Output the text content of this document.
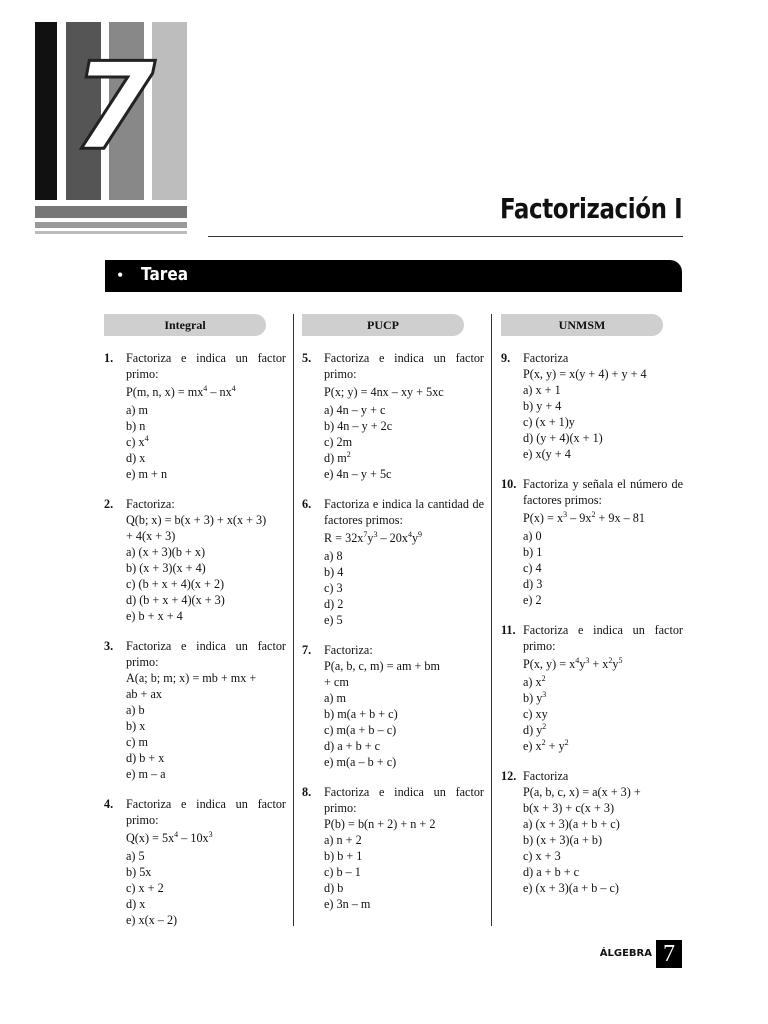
7
Factorización I
• Tarea
Integral
1.	Factoriza e indica un factor primo:
P(m, n, $x) = mx^4 - nx^4$
a) m
b) n
c) $x^4$
d) x
e) m + n
2.	Factoriza:
Q(b; x) = b(x + 3) + x(x + 3)
+ 4(x + 3)
a) (x + 3)(b + x)
b) (x + 3)(x + 4)
c) (b + x + 4)(x + 2)
d) (b + x + 4)(x + 3)
e) b + x + 4
3.	Factoriza e indica un factor primo:
A(a; b; m; x) = mb + mx +
ab + ax
a) b
b) x
c) m
d) b + x
e) m – a
4.	Factoriza e indica un factor primo:
$Q(x) = 5x^4 - 10x^3$
a) 5
b) 5x
c) x + 2
d) x
e) x(x – 2)
PUCP
5.	Factoriza e indica un factor primo:
P(x; y) = 4nx – xy + 5xc
a) 4n – y + c
b) 4n – y + 2c
c) 2m
d) $m^2$
e) 4n – y + 5c
6.	Factoriza e indica la cantidad de factores primos:
$R = 32x^7y^3 - 20x^4y^9$
a) 8
b) 4
c) 3
d) 2
e) 5
7.	Factoriza:
P(a, b, c, m) = am + bm
+ cm
a) m
b) m(a + b + c)
c) m(a + b – c)
d) a + b + c
e) m(a – b + c)
8.	Factoriza e indica un factor primo:
P(b) = b(n + 2) + n + 2
a) n + 2
b) b + 1
c) b – 1
d) b
e) 3n – m
UNMSM
9.	Factoriza
P(x, y) = x(y + 4) + y + 4
a) x + 1
b) y + 4
c) (x + 1)y
d) (y + 4)(x + 1)
e) x(y + 4
10. Factoriza y señala el número de factores primos:
$P(x) = x^3 - 9x^2 + 9x - 81$
a) 0
b) 1
c) 4
d) 3
e) 2
11. Factoriza e indica un factor primo:
P(x, $y) = x^4y^3 + x^2y^5$
a) $x^2$
b) $y^3$
c) xy
d) $y^2$
e) $x^2 + y^2$
12. Factoriza
P(a, b, c, x) = a(x + 3) +
b(x + 3) + c(x + 3)
a) (x + 3)(a + b + c)
b) (x + 3)(a + b)
c) x + 3
d) a + b + c
e) (x + 3)(a + b – c)
ÁLGEBRA 7
